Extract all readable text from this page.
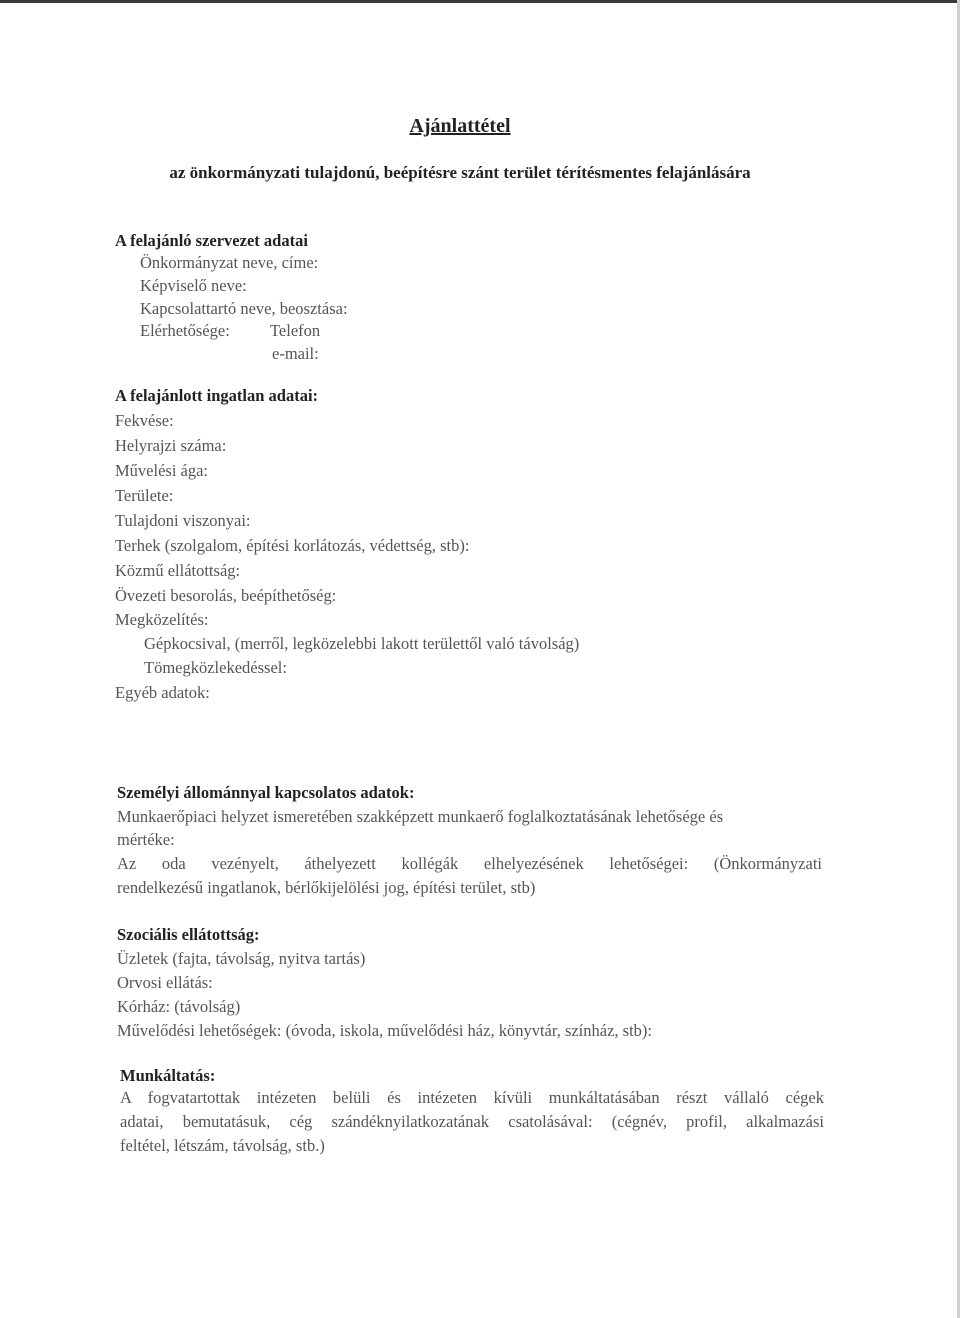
Ajánlattétel
az önkormányzati tulajdonú, beépítésre szánt terület térítésmentes felajánlására
A felajánló szervezet adatai
Önkormányzat neve, címe:
Képviselő neve:
Kapcsolattartó neve, beosztása:
Elérhetősége: Telefon
e-mail:
A felajánlott ingatlan adatai:
Fekvése:
Helyrajzi száma:
Művelési ága:
Területe:
Tulajdoni viszonyai:
Terhek (szolgalom, építési korlátozás, védettség, stb):
Közmű ellátottság:
Övezeti besorolás, beépíthetőség:
Megközelítés:
Gépkocsival, (merről, legközelebbi lakott területtől való távolság)
Tömegközlekedéssel:
Egyéb adatok:
Személyi állománnyal kapcsolatos adatok:
Munkaerőpiaci helyzet ismeretében szakképzett munkaerő foglalkoztatásának lehetősége és
mértéke:
Az oda vezényelt, áthelyezett kollégák elhelyezésének lehetőségei: (Önkormányzati
rendelkezésű ingatlanok, bérlőkijelölési jog, építési terület, stb)
Szociális ellátottság:
Üzletek (fajta, távolság, nyitva tartás)
Orvosi ellátás:
Kórház: (távolság)
Művelődési lehetőségek: (óvoda, iskola, művelődési ház, könyvtár, színház, stb):
Munkáltatás:
A fogvatartottak intézeten belüli és intézeten kívüli munkáltatásában részt vállaló cégek
adatai, bemutatásuk, cég szándéknyilatkozatának csatolásával: (cégnév, profil, alkalmazási
feltétel, létszám, távolság, stb.)
